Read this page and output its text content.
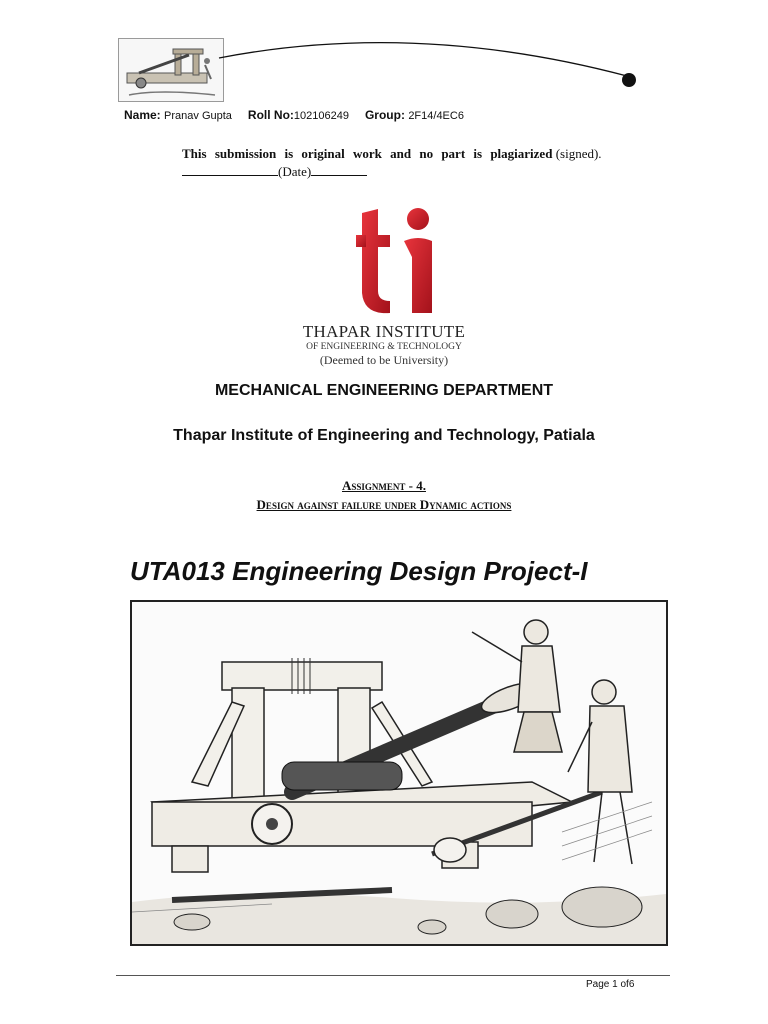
Name: Pranav Gupta Roll No:102106249 Group: 2F14/4EC6
This submission is original work and no part is plagiarized (signed).
(Date)
THAPAR INSTITUTE
OF ENGINEERING & TECHNOLOGY
(Deemed to be University)
MECHANICAL ENGINEERING DEPARTMENT
Thapar Institute of Engineering and Technology, Patiala
Assignment - 4.
Design against failure under Dynamic actions
UTA013 Engineering Design Project-I
Page 1 of6
